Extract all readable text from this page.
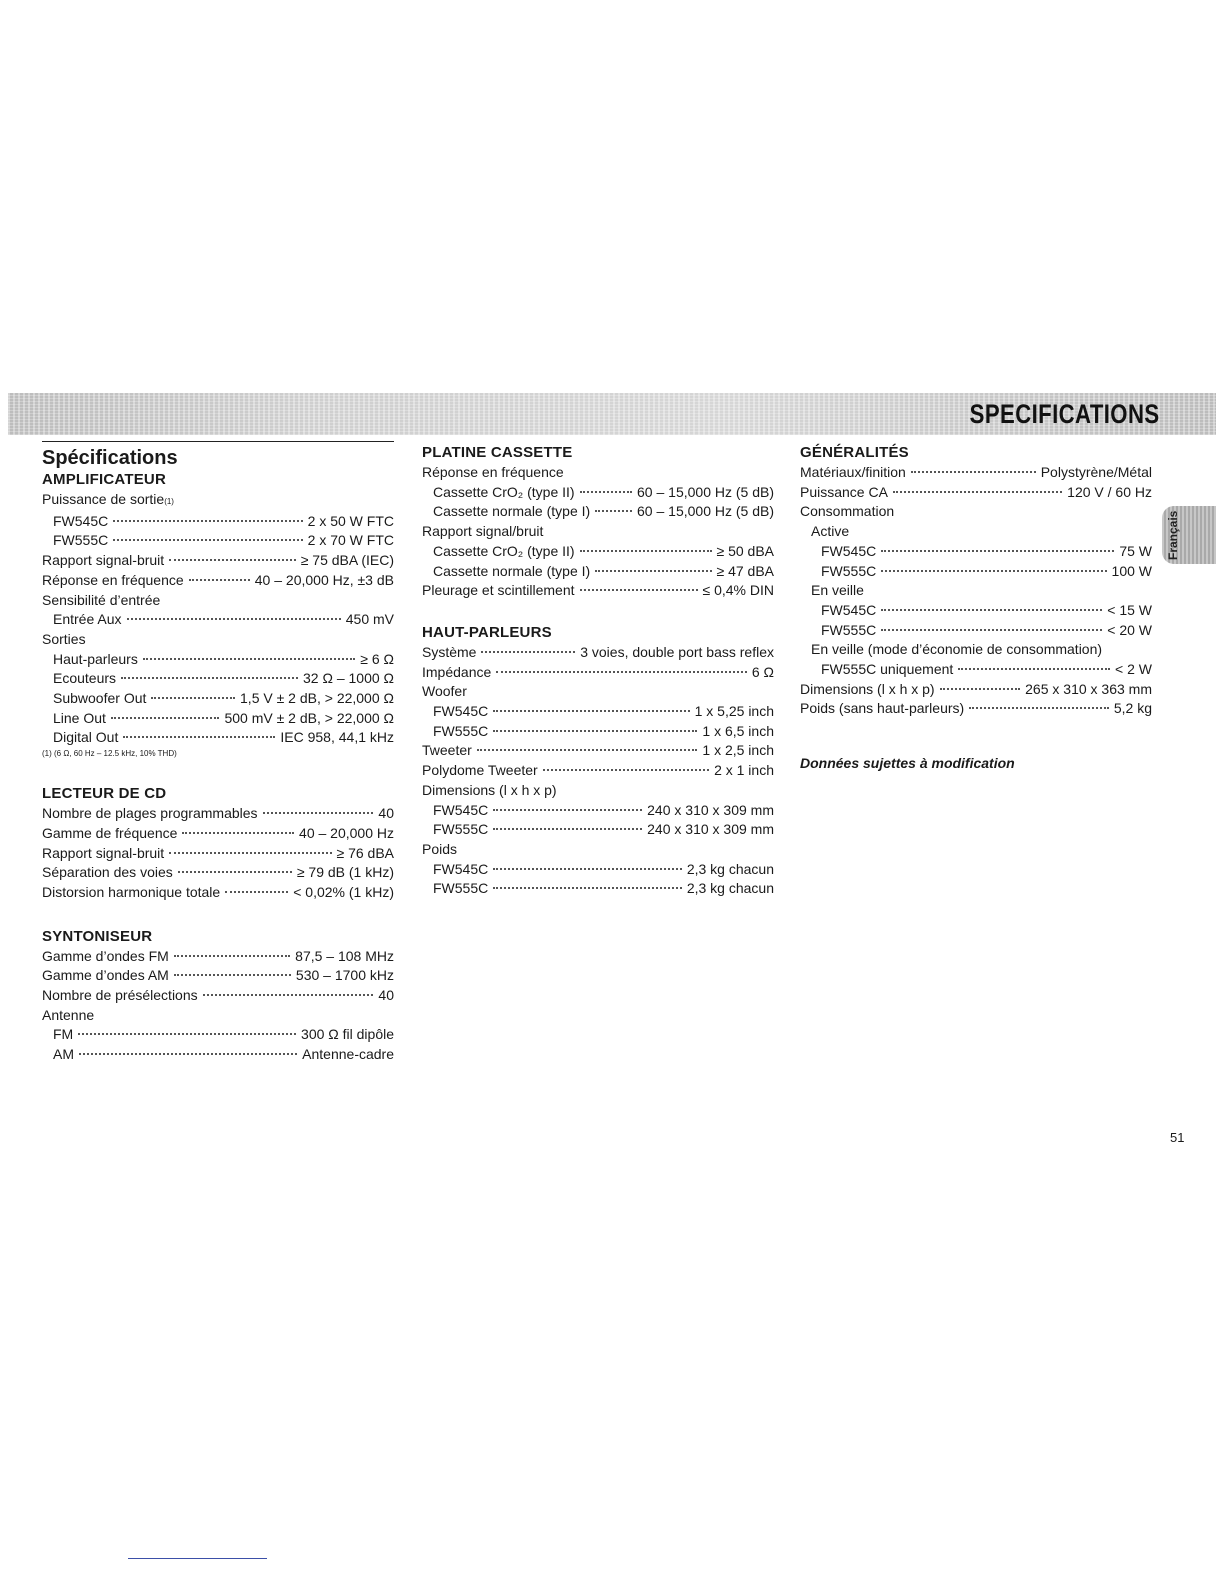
SPECIFICATIONS
Français
Spécifications
AMPLIFICATEUR
Puissance de sortie (1)
FW545C	2 x 50 W FTC
FW555C	2 x 70 W FTC
Rapport signal-bruit	≥ 75 dBA (IEC)
Réponse en fréquence	40 – 20,000 Hz, ±3 dB
Sensibilité d’entrée
Entrée Aux	450 mV
Sorties
Haut-parleurs	≥ 6 Ω
Ecouteurs	32 Ω – 1000 Ω
Subwoofer Out	1,5 V ± 2 dB, > 22,000 Ω
Line Out	500 mV ± 2 dB, > 22,000 Ω
Digital Out	IEC 958, 44,1 kHz
(1) (6 Ω, 60 Hz – 12.5 kHz, 10% THD)
LECTEUR DE CD
Nombre de plages programmables	40
Gamme de fréquence	40 – 20,000 Hz
Rapport signal-bruit	≥ 76 dBA
Séparation des voies	≥ 79 dB (1 kHz)
Distorsion harmonique totale	< 0,02% (1 kHz)
SYNTONISEUR
Gamme d’ondes FM	87,5 – 108 MHz
Gamme d’ondes AM	530 – 1700 kHz
Nombre de présélections	40
Antenne
FM	300 Ω fil dipôle
AM	Antenne-cadre
PLATINE CASSETTE
Réponse en fréquence
Cassette CrO₂ (type II)	60 – 15,000 Hz (5 dB)
Cassette normale (type I)	60 – 15,000 Hz (5 dB)
Rapport signal/bruit
Cassette CrO₂ (type II)	≥ 50 dBA
Cassette normale (type I)	≥ 47 dBA
Pleurage et scintillement	≤ 0,4% DIN
HAUT-PARLEURS
Système	3 voies, double port bass reflex
Impédance	6 Ω
Woofer
FW545C	1 x 5,25 inch
FW555C	1 x 6,5 inch
Tweeter	1 x 2,5 inch
Polydome Tweeter	2 x 1 inch
Dimensions (l x h x p)
FW545C	240 x 310 x 309 mm
FW555C	240 x 310 x 309 mm
Poids
FW545C	2,3 kg chacun
FW555C	2,3 kg chacun
GÉNÉRALITÉS
Matériaux/finition	Polystyrène/Métal
Puissance CA	120 V / 60 Hz
Consommation
Active
FW545C	75 W
FW555C	100 W
En veille
FW545C	< 15 W
FW555C	< 20 W
En veille (mode d’économie de consommation)
FW555C uniquement	< 2 W
Dimensions (l x h x p)	265 x 310 x 363 mm
Poids (sans haut-parleurs)	5,2 kg
Données sujettes à modification
51
